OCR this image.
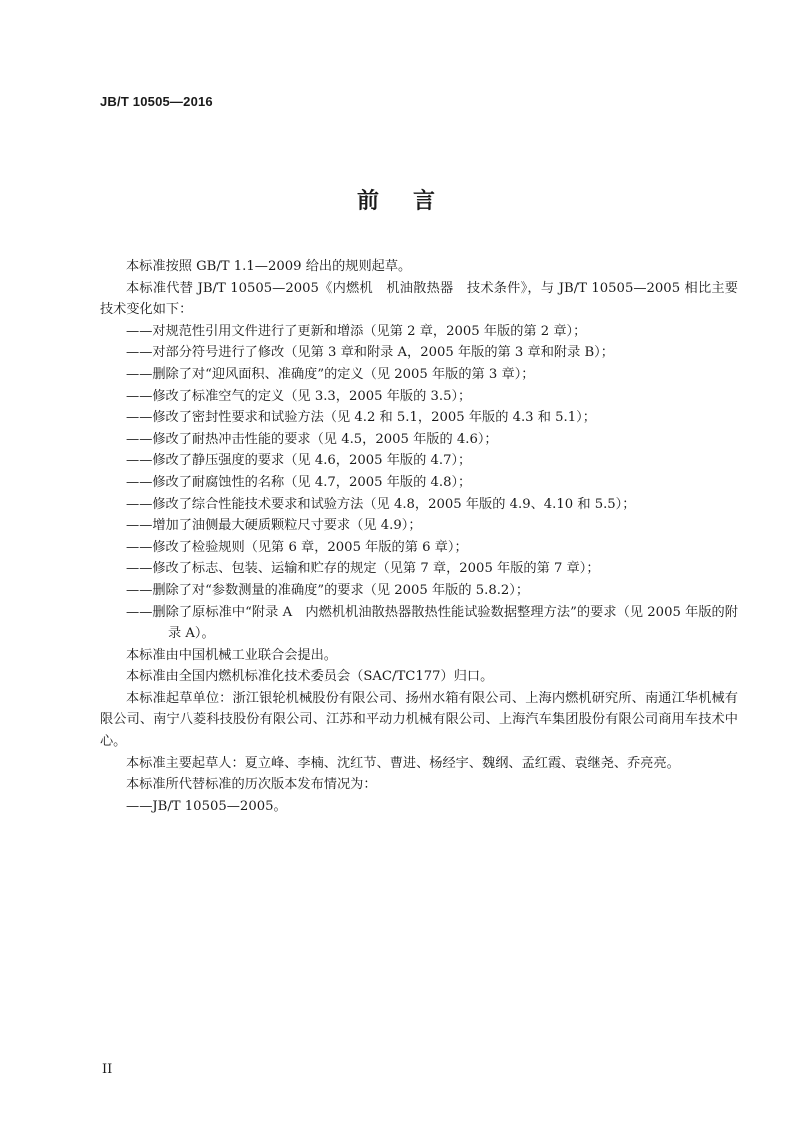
JB/T 10505—2016
前言

本标准按照 GB/T 1.1—2009 给出的规则起草。

本标准代替 JB/T 10505—2005《内燃机　机油散热器　技术条件》，与 JB/T 10505—2005 相比主要技术变化如下：

——对规范性引用文件进行了更新和增添（见第 2 章，2005 年版的第 2 章）；

——对部分符号进行了修改（见第 3 章和附录 A，2005 年版的第 3 章和附录 B）；

——删除了对“迎风面积、准确度”的定义（见 2005 年版的第 3 章）；

——修改了标准空气的定义（见 3.3，2005 年版的 3.5）；

——修改了密封性要求和试验方法（见 4.2 和 5.1，2005 年版的 4.3 和 5.1）；

——修改了耐热冲击性能的要求（见 4.5，2005 年版的 4.6）；

——修改了静压强度的要求（见 4.6，2005 年版的 4.7）；

——修改了耐腐蚀性的名称（见 4.7，2005 年版的 4.8）；

——修改了综合性能技术要求和试验方法（见 4.8，2005 年版的 4.9、4.10 和 5.5）；

——增加了油侧最大硬质颗粒尺寸要求（见 4.9）；

——修改了检验规则（见第 6 章，2005 年版的第 6 章）；

——修改了标志、包装、运输和贮存的规定（见第 7 章，2005 年版的第 7 章）；

——删除了对“参数测量的准确度”的要求（见 2005 年版的 5.8.2）；

——删除了原标准中“附录 A　内燃机机油散热器散热性能试验数据整理方法”的要求（见 2005 年版的附录 A）。

本标准由中国机械工业联合会提出。

本标准由全国内燃机标准化技术委员会（SAC/TC177）归口。

本标准起草单位：浙江银轮机械股份有限公司、扬州水箱有限公司、上海内燃机研究所、南通江华机械有限公司、南宁八菱科技股份有限公司、江苏和平动力机械有限公司、上海汽车集团股份有限公司商用车技术中心。

本标准主要起草人：夏立峰、李楠、沈红节、曹进、杨经宇、魏纲、孟红霞、袁继尧、乔亮亮。

本标准所代替标准的历次版本发布情况为：

——JB/T 10505—2005。

II
